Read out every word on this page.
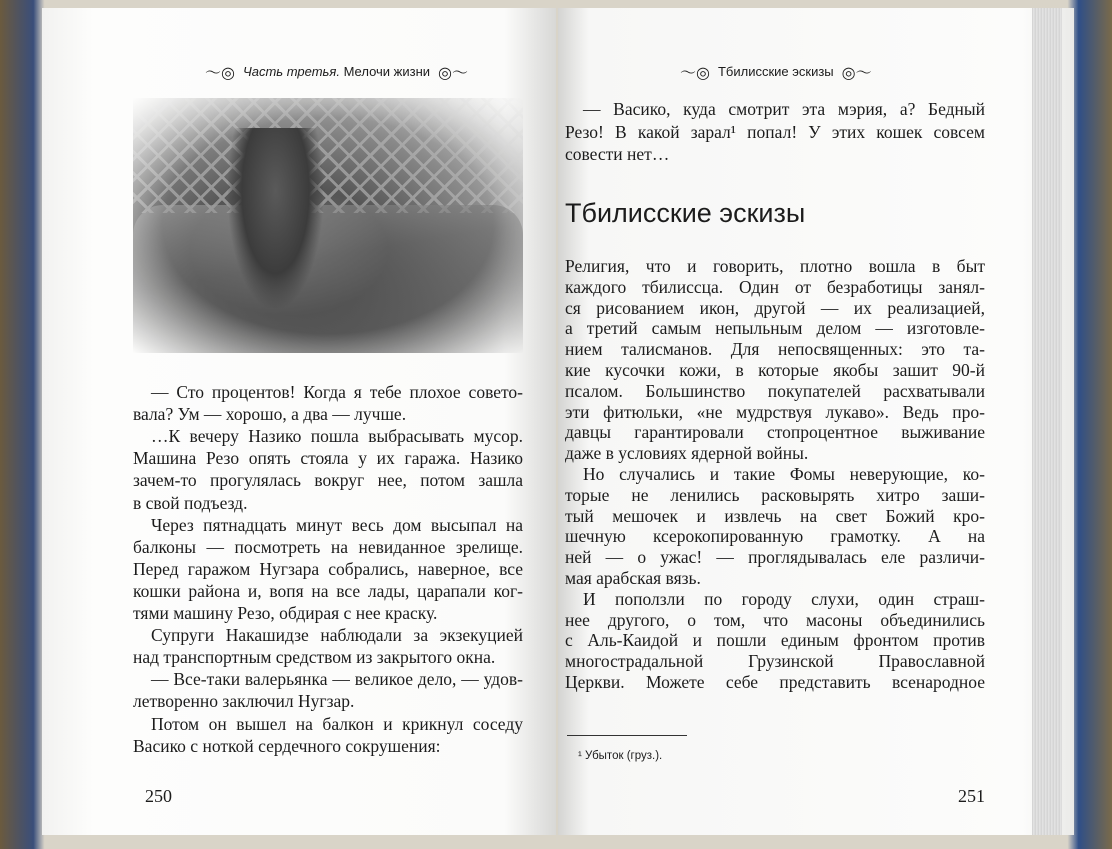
〜◎ Часть третья. Мелочи жизни ◎〜	〜◎ Тбилисские эскизы ◎〜
— Сто процентов! Когда я тебе плохое совето-
вала? Ум — хорошо, а два — лучше.
…К вечеру Назико пошла выбрасывать мусор.
Машина Резо опять стояла у их гаража. Назико
зачем-то прогулялась вокруг нее, потом зашла
в свой подъезд.
Через пятнадцать минут весь дом высыпал на
балконы — посмотреть на невиданное зрелище.
Перед гаражом Нугзара собрались, наверное, все
кошки района и, вопя на все лады, царапали ког-
тями машину Резо, обдирая с нее краску.
Супруги Накашидзе наблюдали за экзекуцией
над транспортным средством из закрытого окна.
— Все-таки валерьянка — великое дело, — удов-
летворенно заключил Нугзар.
Потом он вышел на балкон и крикнул соседу
Васико с ноткой сердечного сокрушения:
— Васико, куда смотрит эта мэрия, а? Бедный
Резо! В какой зарал¹ попал! У этих кошек совсем
совести нет…
Тбилисские эскизы
Религия, что и говорить, плотно вошла в быт
каждого тбилиссца. Один от безработицы занял-
ся рисованием икон, другой — их реализацией,
а третий самым непыльным делом — изготовле-
нием талисманов. Для непосвященных: это та-
кие кусочки кожи, в которые якобы зашит 90-й
псалом. Большинство покупателей расхватывали
эти фитюльки, «не мудрствуя лукаво». Ведь про-
давцы гарантировали стопроцентное выживание
даже в условиях ядерной войны.
Но случались и такие Фомы неверующие, ко-
торые не ленились расковырять хитро заши-
тый мешочек и извлечь на свет Божий кро-
шечную ксерокопированную грамотку. А на
ней — о ужас! — проглядывалась еле различи-
мая арабская вязь.
И поползли по городу слухи, один страш-
нее другого, о том, что масоны объединились
с Аль-Каидой и пошли единым фронтом против
многострадальной Грузинской Православной
Церкви. Можете себе представить всенародное
¹ Убыток (груз.).
250	251
